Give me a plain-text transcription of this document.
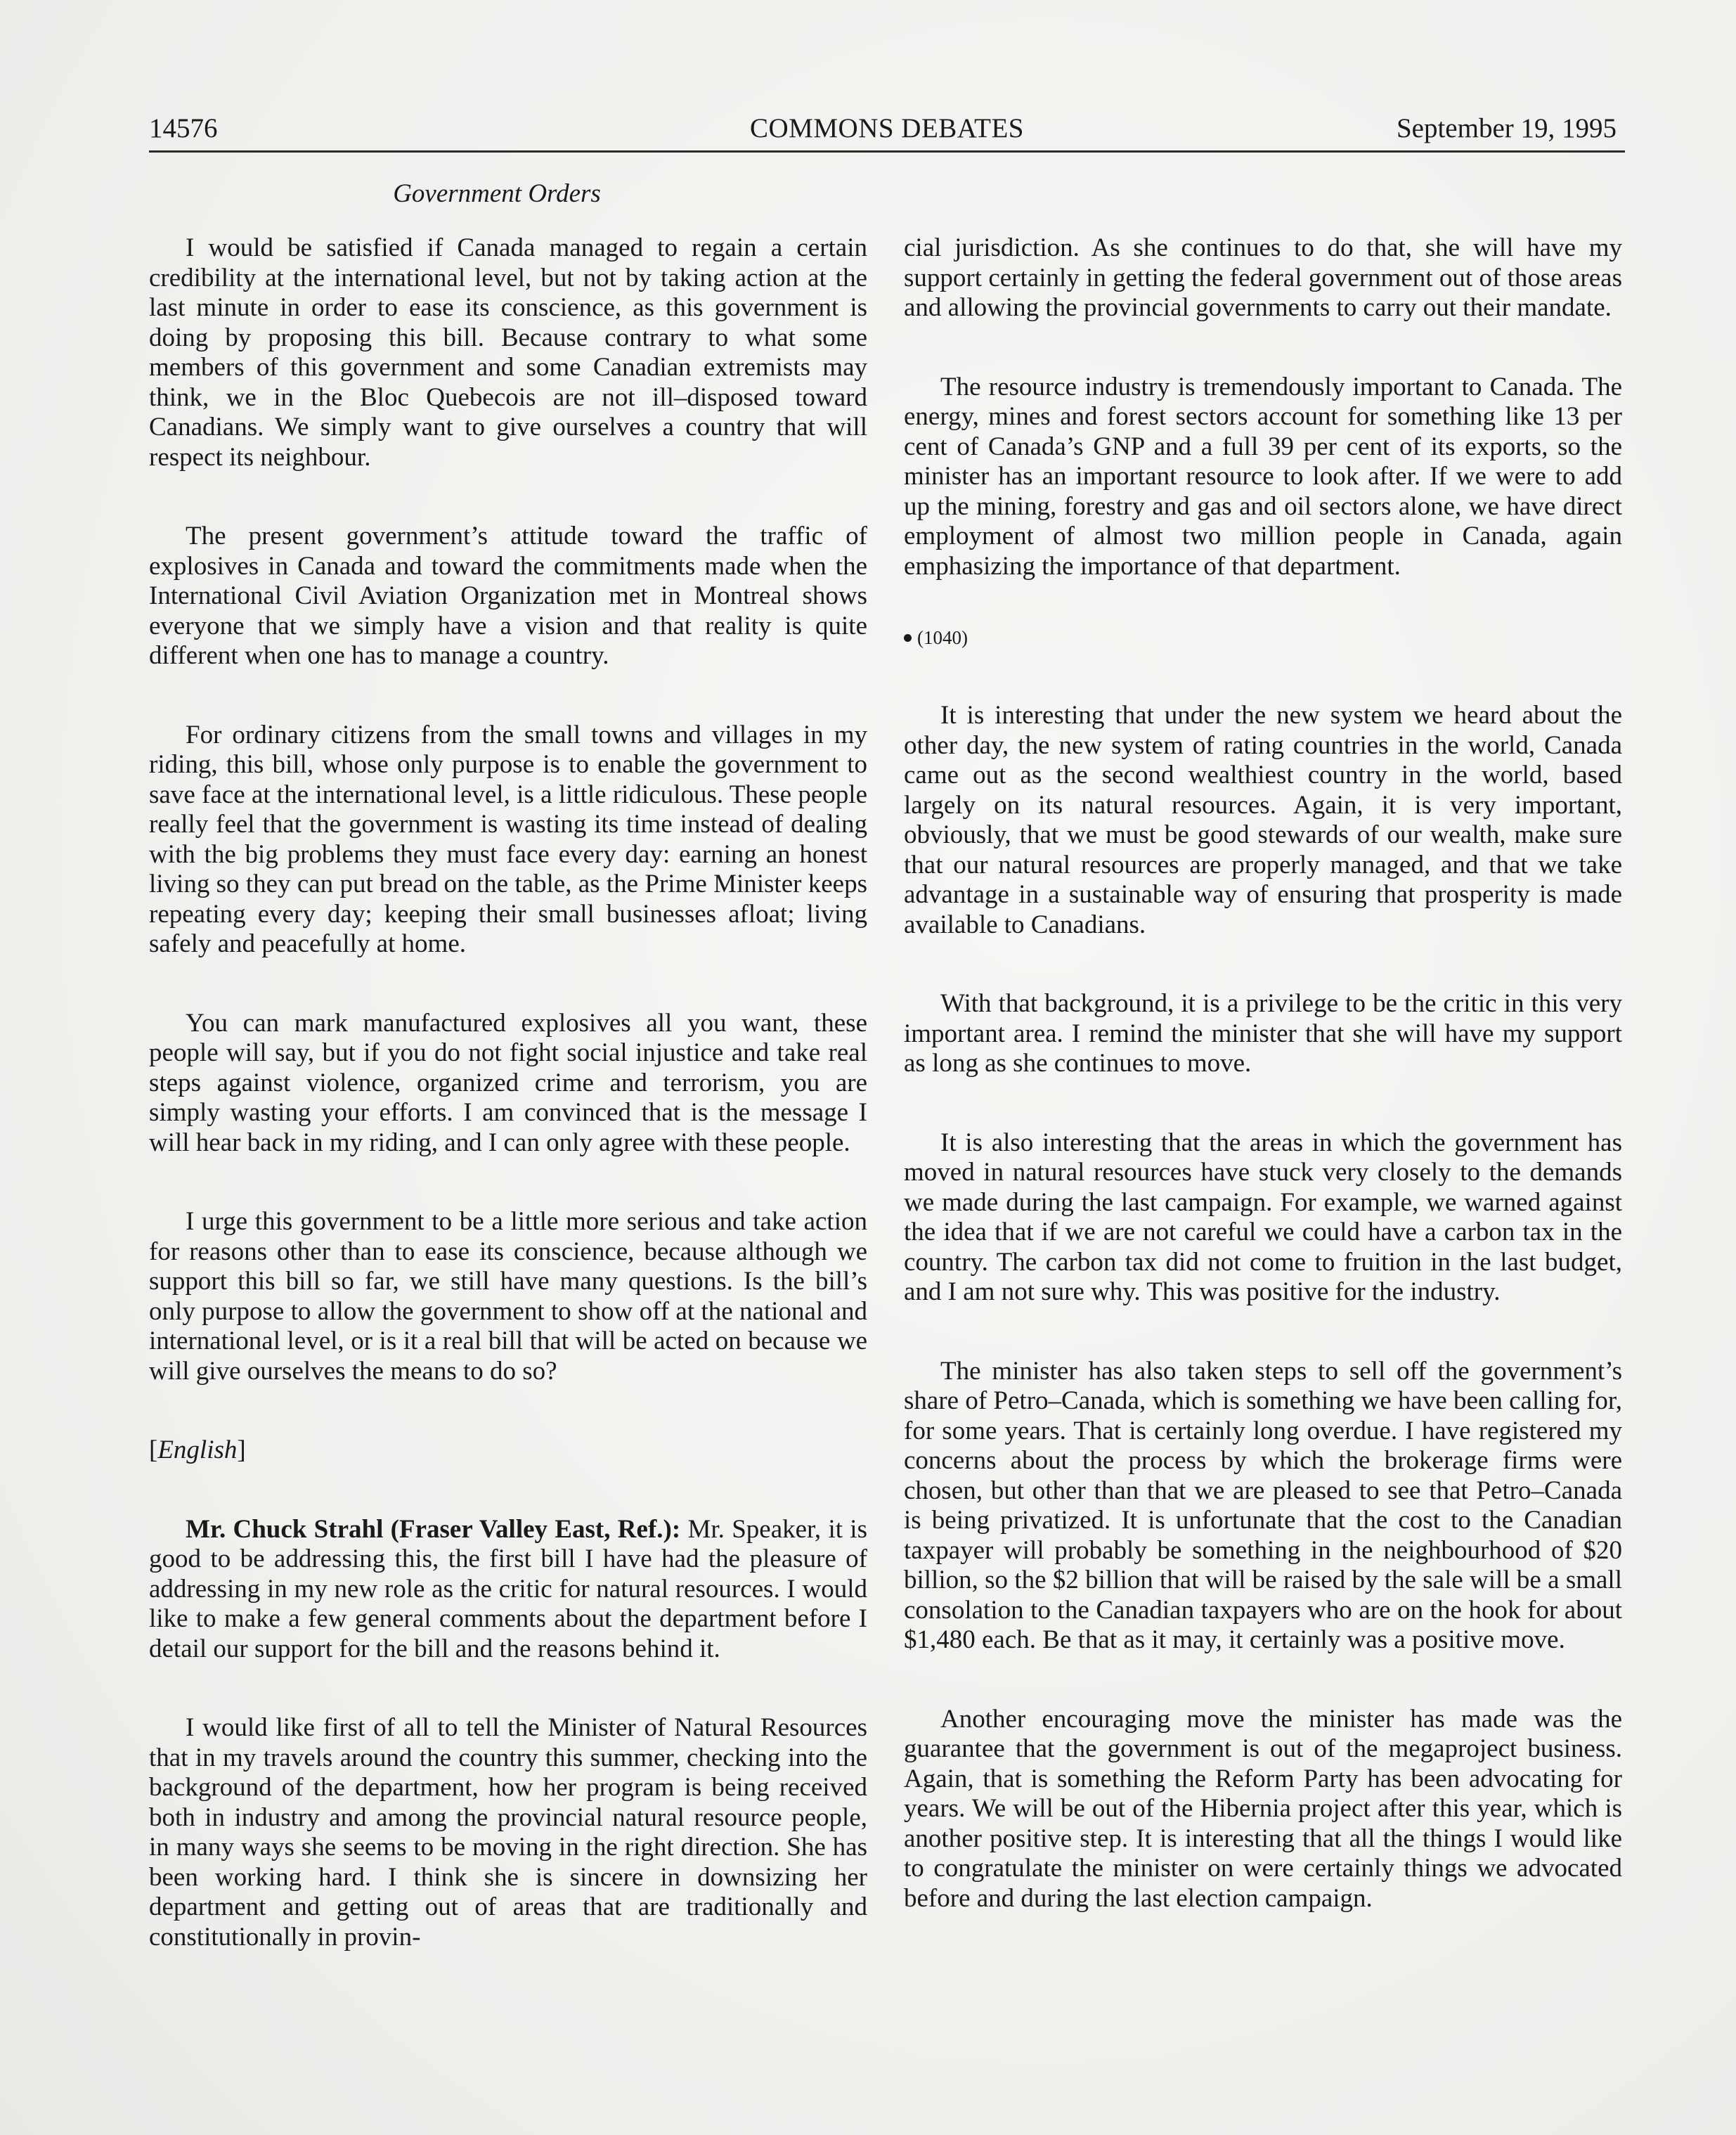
14576	COMMONS DEBATES	September 19, 1995
Government Orders

I would be satisfied if Canada managed to regain a certain credibility at the international level, but not by taking action at the last minute in order to ease its conscience, as this government is doing by proposing this bill. Because contrary to what some members of this government and some Canadian extremists may think, we in the Bloc Quebecois are not ill–disposed toward Canadians. We simply want to give ourselves a country that will respect its neighbour.

The present government’s attitude toward the traffic of explosives in Canada and toward the commitments made when the International Civil Aviation Organization met in Montreal shows everyone that we simply have a vision and that reality is quite different when one has to manage a country.

For ordinary citizens from the small towns and villages in my riding, this bill, whose only purpose is to enable the government to save face at the international level, is a little ridiculous. These people really feel that the government is wasting its time instead of dealing with the big problems they must face every day: earning an honest living so they can put bread on the table, as the Prime Minister keeps repeating every day; keeping their small businesses afloat; living safely and peacefully at home.

You can mark manufactured explosives all you want, these people will say, but if you do not fight social injustice and take real steps against violence, organized crime and terrorism, you are simply wasting your efforts. I am convinced that is the message I will hear back in my riding, and I can only agree with these people.

I urge this government to be a little more serious and take action for reasons other than to ease its conscience, because although we support this bill so far, we still have many questions. Is the bill’s only purpose to allow the government to show off at the national and international level, or is it a real bill that will be acted on because we will give ourselves the means to do so?

[English]

Mr. Chuck Strahl (Fraser Valley East, Ref.): Mr. Speaker, it is good to be addressing this, the first bill I have had the pleasure of addressing in my new role as the critic for natural resources. I would like to make a few general comments about the department before I detail our support for the bill and the reasons behind it.

I would like first of all to tell the Minister of Natural Resources that in my travels around the country this summer, checking into the background of the department, how her program is being received both in industry and among the provincial natural resource people, in many ways she seems to be moving in the right direction. She has been working hard. I think she is sincere in downsizing her department and getting out of areas that are traditionally and constitutionally in provin-

cial jurisdiction. As she continues to do that, she will have my support certainly in getting the federal government out of those areas and allowing the provincial governments to carry out their mandate.

The resource industry is tremendously important to Canada. The energy, mines and forest sectors account for something like 13 per cent of Canada’s GNP and a full 39 per cent of its exports, so the minister has an important resource to look after. If we were to add up the mining, forestry and gas and oil sectors alone, we have direct employment of almost two million people in Canada, again emphasizing the importance of that department.

(1040)

It is interesting that under the new system we heard about the other day, the new system of rating countries in the world, Canada came out as the second wealthiest country in the world, based largely on its natural resources. Again, it is very important, obviously, that we must be good stewards of our wealth, make sure that our natural resources are properly managed, and that we take advantage in a sustainable way of ensuring that prosperity is made available to Canadians.

With that background, it is a privilege to be the critic in this very important area. I remind the minister that she will have my support as long as she continues to move.

It is also interesting that the areas in which the government has moved in natural resources have stuck very closely to the demands we made during the last campaign. For example, we warned against the idea that if we are not careful we could have a carbon tax in the country. The carbon tax did not come to fruition in the last budget, and I am not sure why. This was positive for the industry.

The minister has also taken steps to sell off the government’s share of Petro–Canada, which is something we have been calling for, for some years. That is certainly long overdue. I have registered my concerns about the process by which the brokerage firms were chosen, but other than that we are pleased to see that Petro–Canada is being privatized. It is unfortunate that the cost to the Canadian taxpayer will probably be something in the neighbourhood of $20 billion, so the $2 billion that will be raised by the sale will be a small consolation to the Canadian taxpayers who are on the hook for about $1,480 each. Be that as it may, it certainly was a positive move.

Another encouraging move the minister has made was the guarantee that the government is out of the megaproject business. Again, that is something the Reform Party has been advocating for years. We will be out of the Hibernia project after this year, which is another positive step. It is interesting that all the things I would like to congratulate the minister on were certainly things we advocated before and during the last election campaign.
